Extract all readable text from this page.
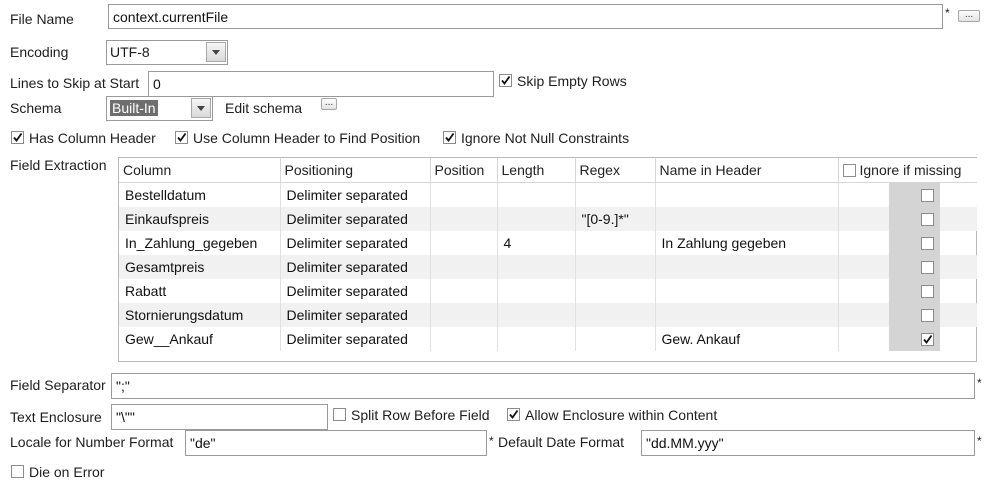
File Name	context.currentFile	*	...
Encoding	UTF-8
Lines to Skip at Start 0	Skip Empty Rows
Schema	Built-In	Edit schema	...
Has Column Header	Use Column Header to Find Position	Ignore Not Null Constraints
Field Extraction Column	Positioning	Position	Length	Regex	Name in Header	Ignore if missing
Bestelldatum	Delimiter separated					

Einkaufspreis	Delimiter separated			"[0-9.]*"		

In_Zahlung_gegeben	Delimiter separated		4		In Zahlung gegeben	

Gesamtpreis	Delimiter separated					

Rabatt	Delimiter separated					

Stornierungsdatum	Delimiter separated					

Gew__Ankauf	Delimiter separated				Gew. Ankauf	
Field Separator ";"	*
Text Enclosure	"\""	Split Row Before Field	Allow Enclosure within Content
Locale for Number Format	"de"	* Default Date Format	"dd.MM.yyy"	*
Die on Error
